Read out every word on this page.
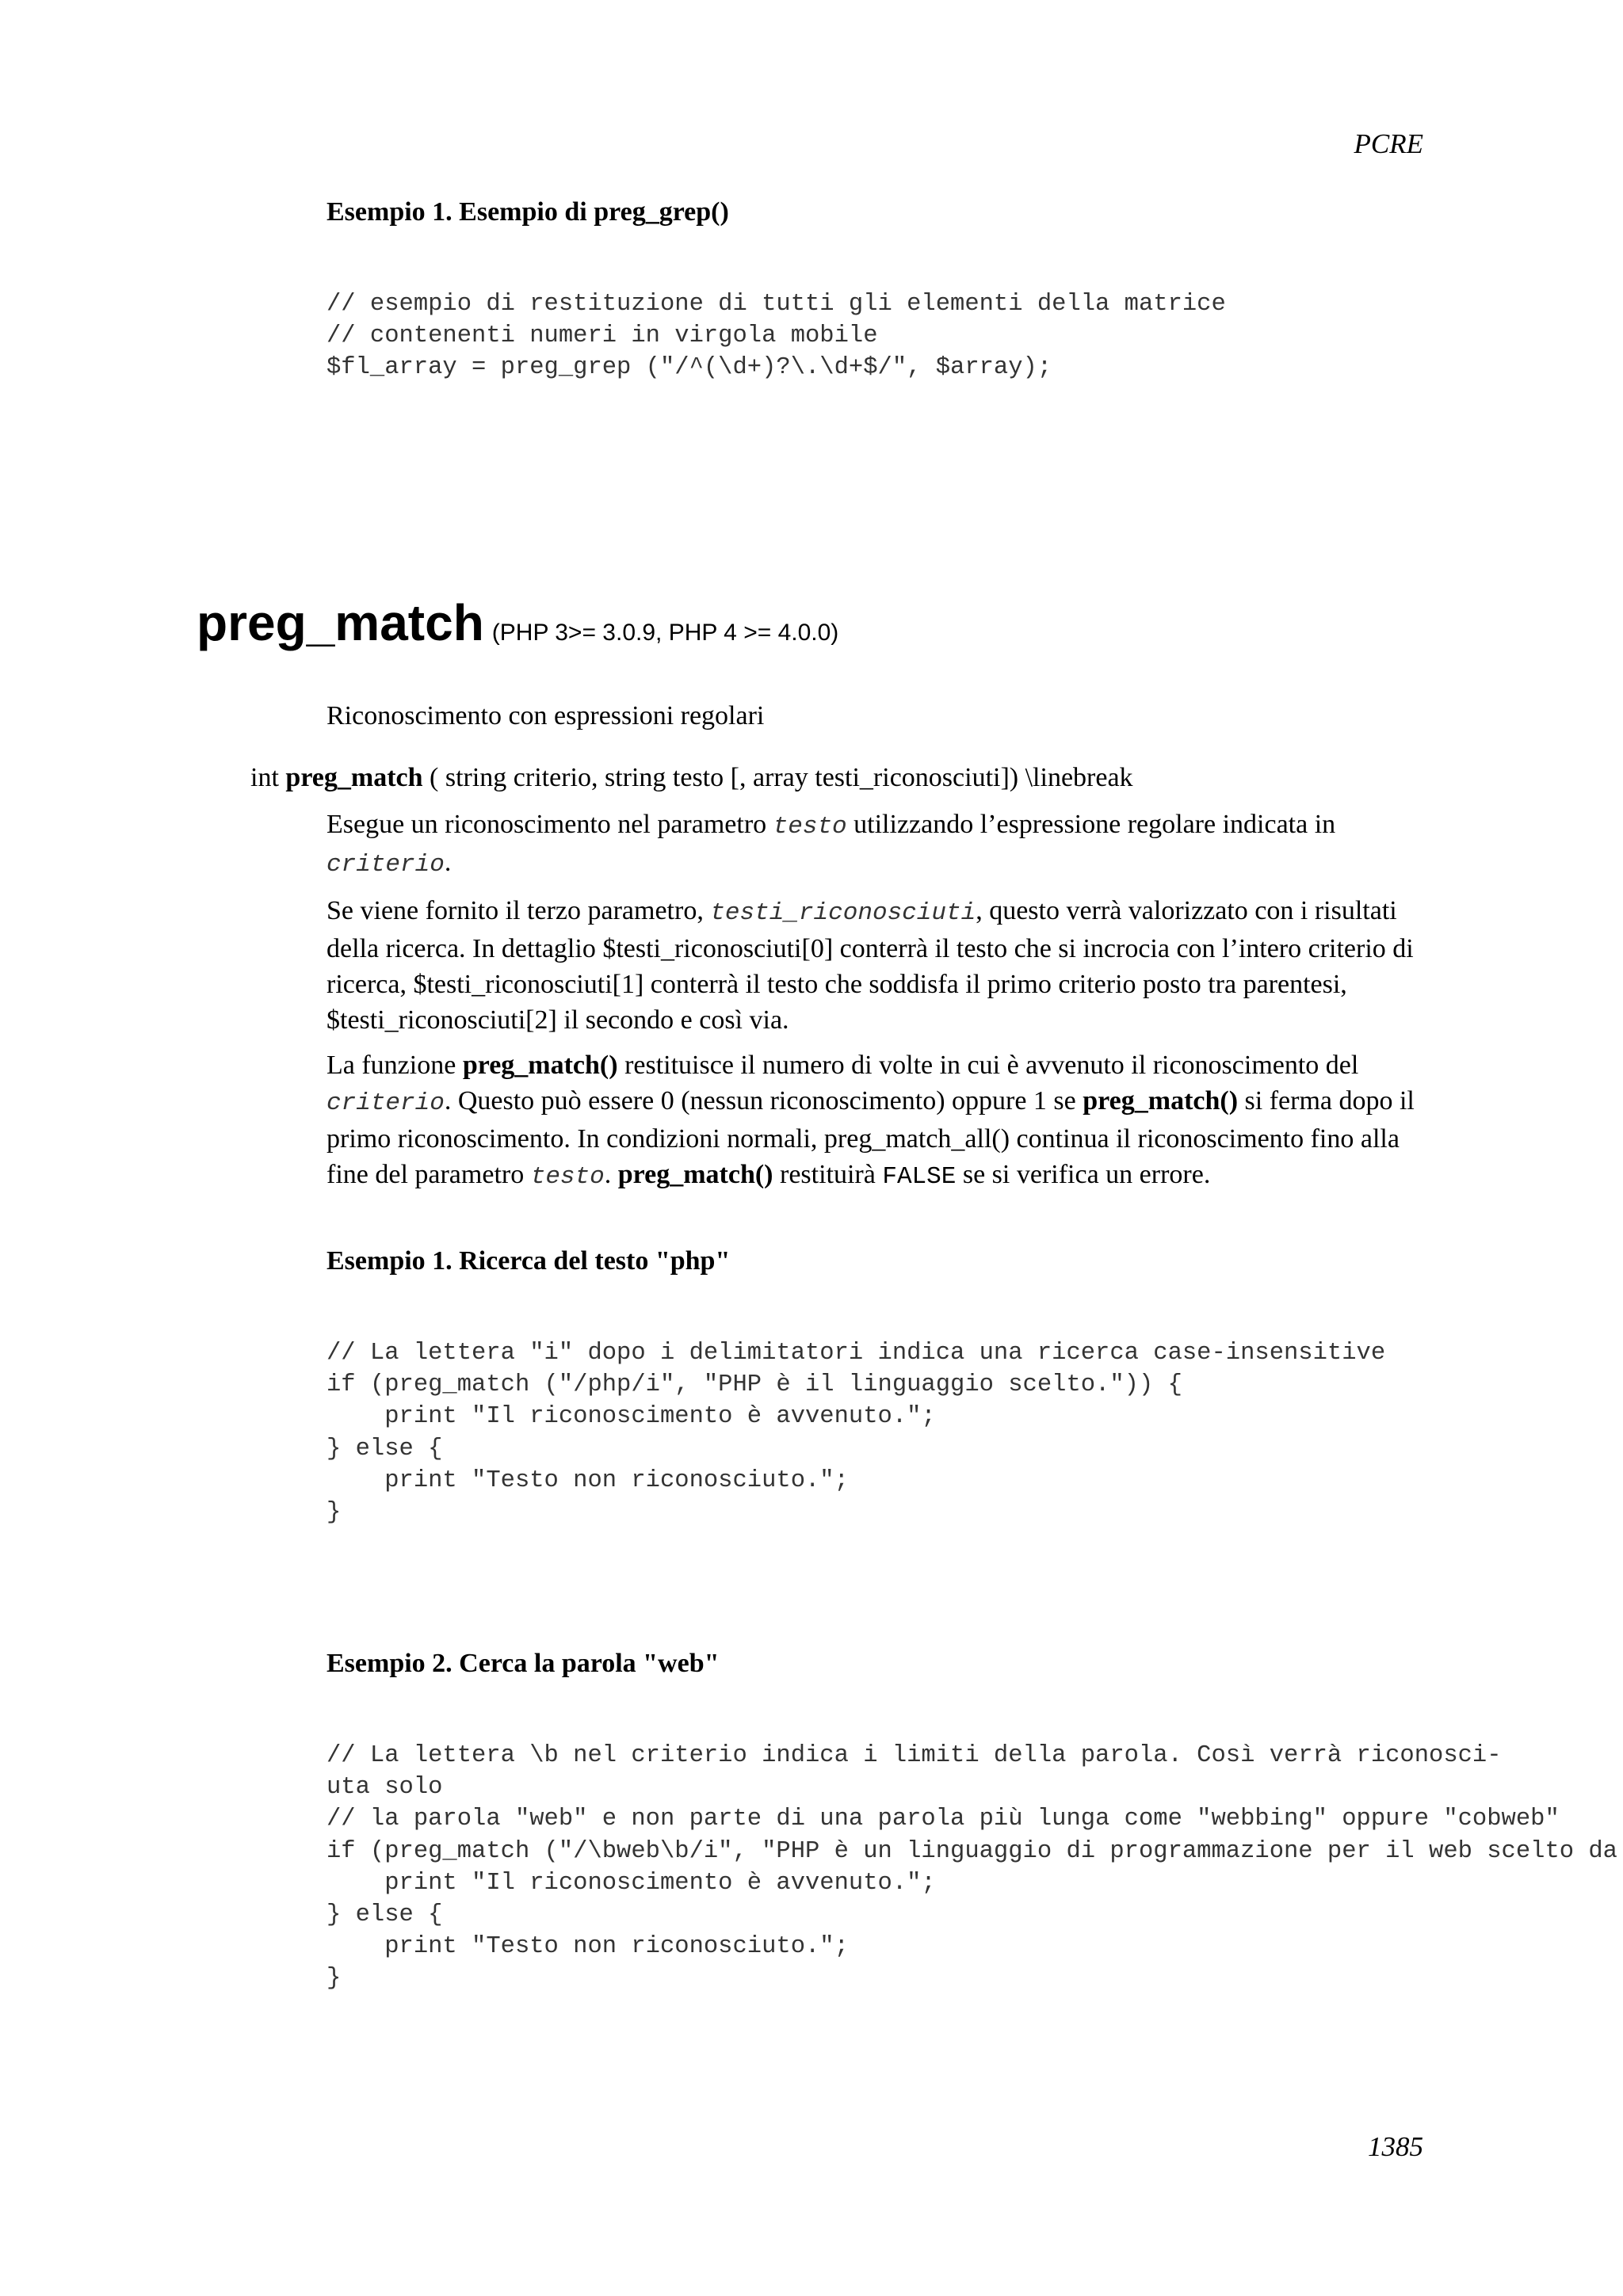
PCRE
Esempio 1. Esempio di preg_grep()
// esempio di restituzione di tutti gli elementi della matrice
// contenenti numeri in virgola mobile
$fl_array = preg_grep ("/^(\d+)?\.\d+$/", $array);
preg_match (PHP 3>= 3.0.9, PHP 4 >= 4.0.0)
Riconoscimento con espressioni regolari
int preg_match ( string criterio, string testo [, array testi_riconosciuti]) \linebreak

Esegue un riconoscimento nel parametro testo utilizzando l’espressione regolare indicata in criterio.

Se viene fornito il terzo parametro, testi_riconosciuti, questo verrà valorizzato con i risultati della ricerca. In dettaglio $testi_riconosciuti[0] conterrà il testo che si incrocia con l’intero criterio di ricerca, $testi_riconosciuti[1] conterrà il testo che soddisfa il primo criterio posto tra parentesi, $testi_riconosciuti[2] il secondo e così via.

La funzione preg_match() restituisce il numero di volte in cui è avvenuto il riconoscimento del criterio. Questo può essere 0 (nessun riconoscimento) oppure 1 se preg_match() si ferma dopo il primo riconoscimento. In condizioni normali, preg_match_all() continua il riconoscimento fino alla fine del parametro testo. preg_match() restituirà FALSE se si verifica un errore.

Esempio 1. Ricerca del testo "php"
// La lettera "i" dopo i delimitatori indica una ricerca case-insensitive
if (preg_match ("/php/i", "PHP è il linguaggio scelto.")) {
print "Il riconoscimento è avvenuto.";
} else {
print "Testo non riconosciuto.";
}
Esempio 2. Cerca la parola "web"
// La lettera \b nel criterio indica i limiti della parola. Così verrà riconosci-
uta solo
// la parola "web" e non parte di una parola più lunga come "webbing" oppure "cobweb"
if (preg_match ("/\bweb\b/i", "PHP è un linguaggio di programmazione per il web scelto da
print "Il riconoscimento è avvenuto.";
} else {
print "Testo non riconosciuto.";
}
1385
